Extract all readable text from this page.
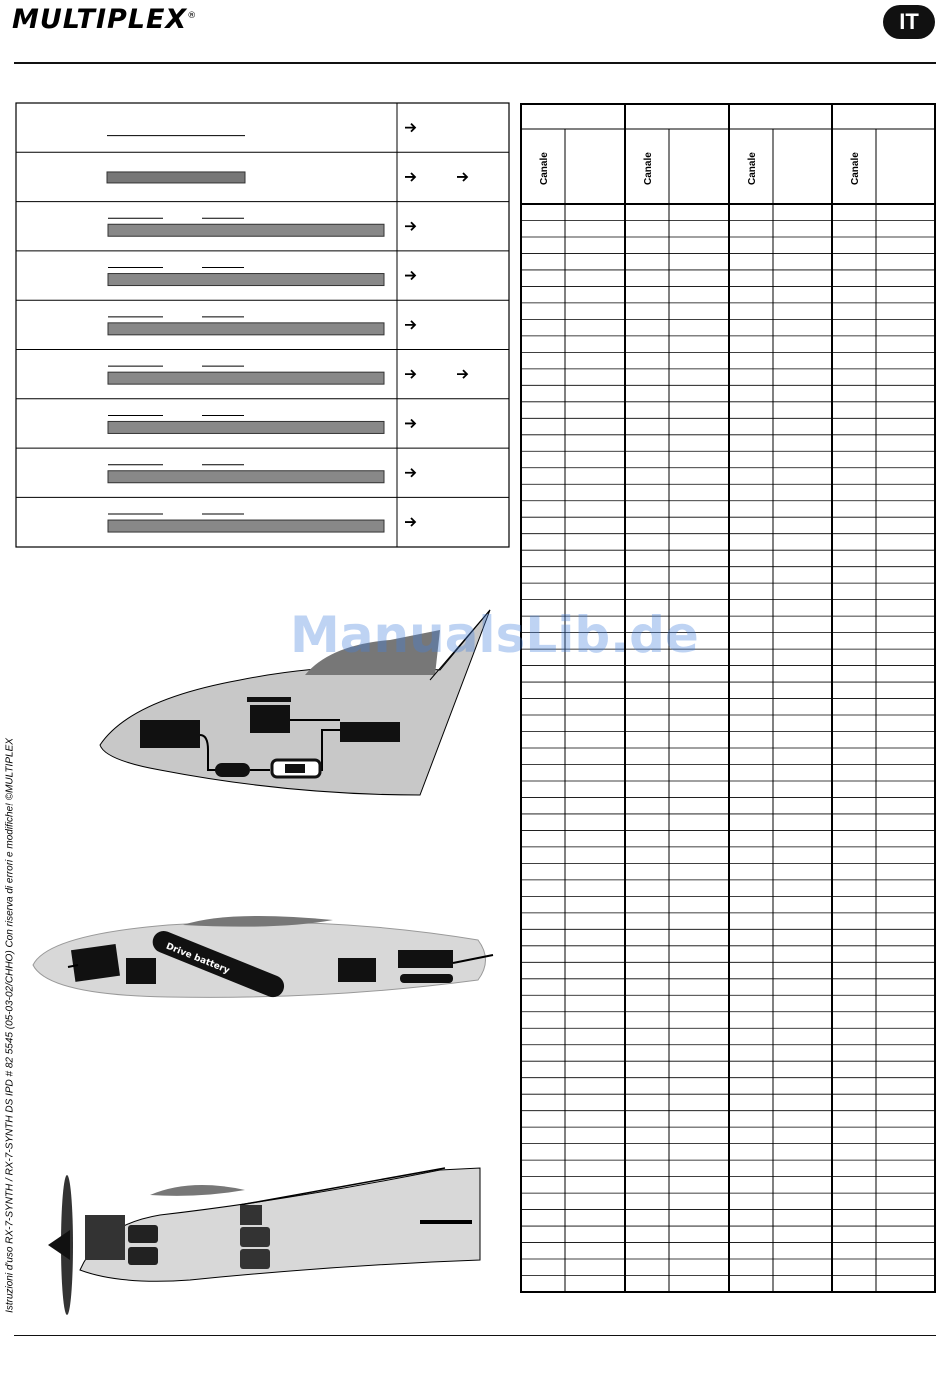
MULTIPLEX®	IT
Istruzioni d'uso RX-7-SYNTH / RX-7-SYNTH DS IPD # 82 5545 (05-03-02/CHHO) Con riserva di errori e modifiche! ©MULTIPLEX
Canale	Canale	Canale	Canale
Drive battery
ManualsLib.de
